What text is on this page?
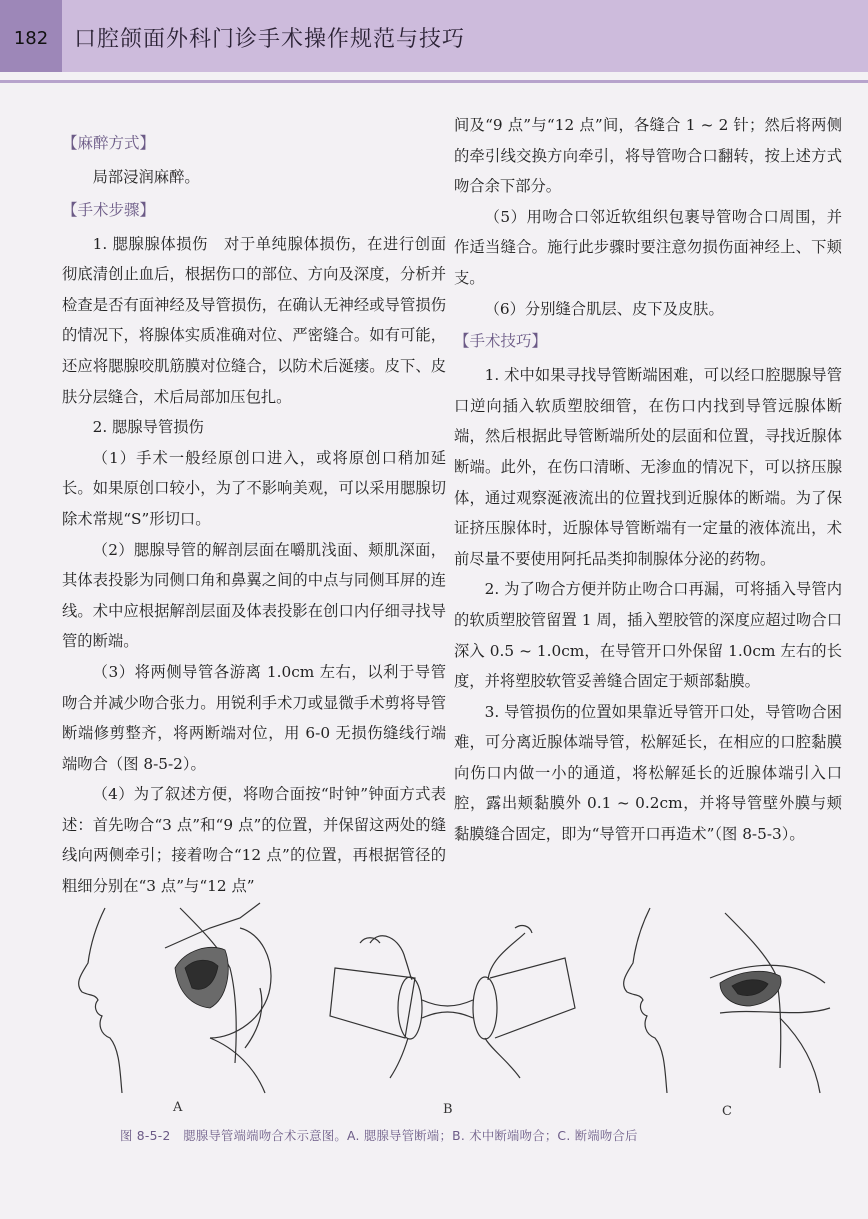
182	口腔颌面外科门诊手术操作规范与技巧
【麻醉方式】

局部浸润麻醉。

【手术步骤】

1. 腮腺腺体损伤　对于单纯腺体损伤，在进行创面彻底清创止血后，根据伤口的部位、方向及深度，分析并检查是否有面神经及导管损伤，在确认无神经或导管损伤的情况下，将腺体实质准确对位、严密缝合。如有可能，还应将腮腺咬肌筋膜对位缝合，以防术后涎瘘。皮下、皮肤分层缝合，术后局部加压包扎。

2. 腮腺导管损伤

（1）手术一般经原创口进入，或将原创口稍加延长。如果原创口较小，为了不影响美观，可以采用腮腺切除术常规“S”形切口。

（2）腮腺导管的解剖层面在嚼肌浅面、颊肌深面，其体表投影为同侧口角和鼻翼之间的中点与同侧耳屏的连线。术中应根据解剖层面及体表投影在创口内仔细寻找导管的断端。

（3）将两侧导管各游离 1.0cm 左右，以利于导管吻合并减少吻合张力。用锐利手术刀或显微手术剪将导管断端修剪整齐，将两断端对位，用 6-0 无损伤缝线行端端吻合（图 8-5-2）。

（4）为了叙述方便，将吻合面按“时钟”钟面方式表述：首先吻合“3 点”和“9 点”的位置，并保留这两处的缝线向两侧牵引；接着吻合“12 点”的位置，再根据管径的粗细分别在“3 点”与“12 点”

间及“9 点”与“12 点”间，各缝合 1 ~ 2 针；然后将两侧的牵引线交换方向牵引，将导管吻合口翻转，按上述方式吻合余下部分。

（5）用吻合口邻近软组织包裹导管吻合口周围，并作适当缝合。施行此步骤时要注意勿损伤面神经上、下颊支。

（6）分别缝合肌层、皮下及皮肤。

【手术技巧】

1. 术中如果寻找导管断端困难，可以经口腔腮腺导管口逆向插入软质塑胶细管，在伤口内找到导管远腺体断端，然后根据此导管断端所处的层面和位置，寻找近腺体断端。此外，在伤口清晰、无渗血的情况下，可以挤压腺体，通过观察涎液流出的位置找到近腺体的断端。为了保证挤压腺体时，近腺体导管断端有一定量的液体流出，术前尽量不要使用阿托品类抑制腺体分泌的药物。

2. 为了吻合方便并防止吻合口再漏，可将插入导管内的软质塑胶管留置 1 周，插入塑胶管的深度应超过吻合口深入 0.5 ~ 1.0cm，在导管开口外保留 1.0cm 左右的长度，并将塑胶软管妥善缝合固定于颊部黏膜。

3. 导管损伤的位置如果靠近导管开口处，导管吻合困难，可分离近腺体端导管，松解延长，在相应的口腔黏膜向伤口内做一小的通道，将松解延长的近腺体端引入口腔，露出颊黏膜外 0.1 ~ 0.2cm，并将导管壁外膜与颊黏膜缝合固定，即为“导管开口再造术”（图 8-5-3）。

A	B	C
图 8-5-2　腮腺导管端端吻合术示意图。A. 腮腺导管断端；B. 术中断端吻合；C. 断端吻合后
